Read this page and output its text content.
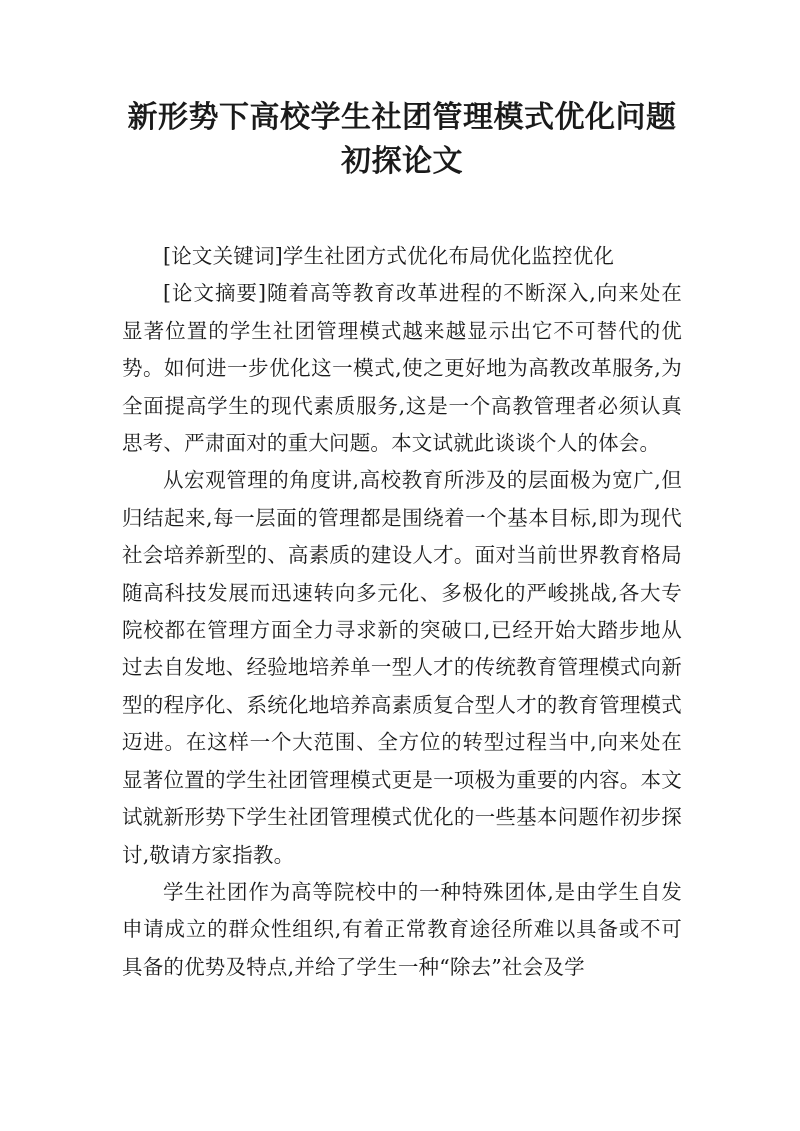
新形势下高校学生社团管理模式优化问题
初探论文

[论文关键词]学生社团方式优化布局优化监控优化

[论文摘要]随着高等教育改革进程的不断深入,向来处在显著位置的学生社团管理模式越来越显示出它不可替代的优势。如何进一步优化这一模式,使之更好地为高教改革服务,为全面提高学生的现代素质服务,这是一个高教管理者必须认真思考、严肃面对的重大问题。本文试就此谈谈个人的体会。

从宏观管理的角度讲,高校教育所涉及的层面极为宽广,但归结起来,每一层面的管理都是围绕着一个基本目标,即为现代社会培养新型的、高素质的建设人才。面对当前世界教育格局随高科技发展而迅速转向多元化、多极化的严峻挑战,各大专院校都在管理方面全力寻求新的突破口,已经开始大踏步地从过去自发地、经验地培养单一型人才的传统教育管理模式向新型的程序化、系统化地培养高素质复合型人才的教育管理模式迈进。在这样一个大范围、全方位的转型过程当中,向来处在显著位置的学生社团管理模式更是一项极为重要的内容。本文试就新形势下学生社团管理模式优化的一些基本问题作初步探讨,敬请方家指教。

学生社团作为高等院校中的一种特殊团体,是由学生自发申请成立的群众性组织,有着正常教育途径所难以具备或不可具备的优势及特点,并给了学生一种“除去”社会及学
